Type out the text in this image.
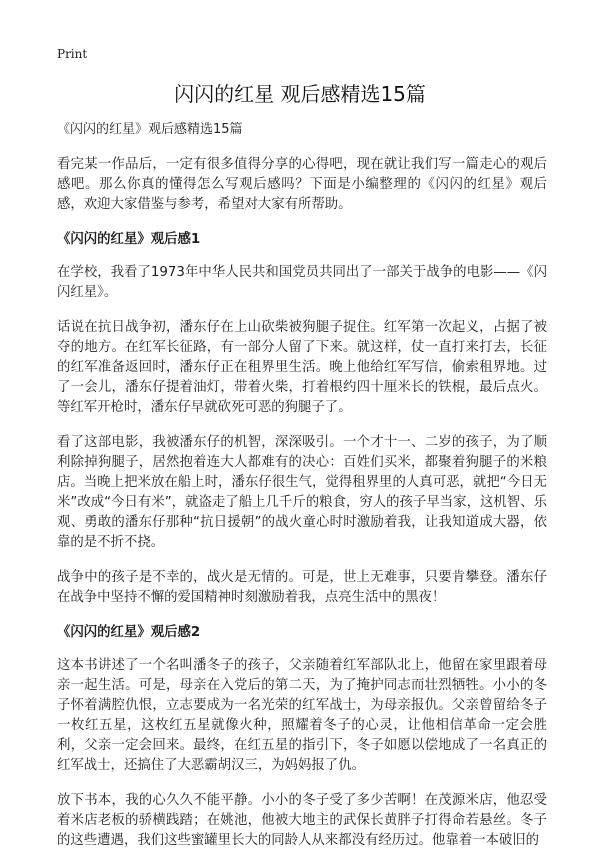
Print
闪闪的红星 观后感精选15篇

《闪闪的红星》观后感精选15篇

看完某一作品后，一定有很多值得分享的心得吧，现在就让我们写一篇走心的观后感吧。那么你真的懂得怎么写观后感吗？下面是小编整理的《闪闪的红星》观后感，欢迎大家借鉴与参考，希望对大家有所帮助。

《闪闪的红星》观后感1

在学校，我看了1973年中华人民共和国党员共同出了一部关于战争的电影——《闪闪红星》。

话说在抗日战争初，潘东仔在上山砍柴被狗腿子捉住。红军第一次起义，占据了被夺的地方。在红军长征路，有一部分人留了下来。就这样，仗一直打来打去，长征的红军准备返回时，潘东仔正在租界里生活。晚上他给红军写信，偷索租界地。过了一会儿，潘东仔提着油灯，带着火柴，打着根约四十厘米长的铁棍，最后点火。等红军开枪时，潘东仔早就砍死可恶的狗腿子了。

看了这部电影，我被潘东仔的机智，深深吸引。一个才十一、二岁的孩子，为了顺利除掉狗腿子，居然抱着连大人都难有的决心：百姓们买米，都聚着狗腿子的米粮店。当晚上把米放在船上时，潘东仔很生气，觉得租界里的人真可恶，就把“今日无米”改成“今日有米”，就盗走了船上几千斤的粮食，穷人的孩子早当家，这机智、乐观、勇敢的潘东仔那种“抗日援朝”的战火童心时时激励着我，让我知道成大器，依靠的是不折不挠。

战争中的孩子是不幸的，战火是无情的。可是，世上无难事，只要肯攀登。潘东仔在战争中坚持不懈的爱国精神时刻激励着我，点亮生活中的黑夜！

《闪闪的红星》观后感2

这本书讲述了一个名叫潘冬子的孩子，父亲随着红军部队北上，他留在家里跟着母亲一起生活。可是，母亲在入党后的第二天，为了掩护同志而壮烈牺牲。小小的冬子怀着满腔仇恨，立志要成为一名光荣的红军战士，为母亲报仇。父亲曾留给冬子一枚红五星，这枚红五星就像火种，照耀着冬子的心灵，让他相信革命一定会胜利，父亲一定会回来。最终，在红五星的指引下，冬子如愿以偿地成了一名真正的红军战士，还搞住了大恶霸胡汉三，为妈妈报了仇。

放下书本，我的心久久不能平静。小小的冬子受了多少苦啊！在茂源米店，他忍受着米店老板的骄横践踏；在姚池，他被大地主的武保长黄胖子打得命若悬丝。冬子的这些遭遇，我们这些蜜罐里长大的同龄人从来都没有经历过。他靠着一本破旧的
